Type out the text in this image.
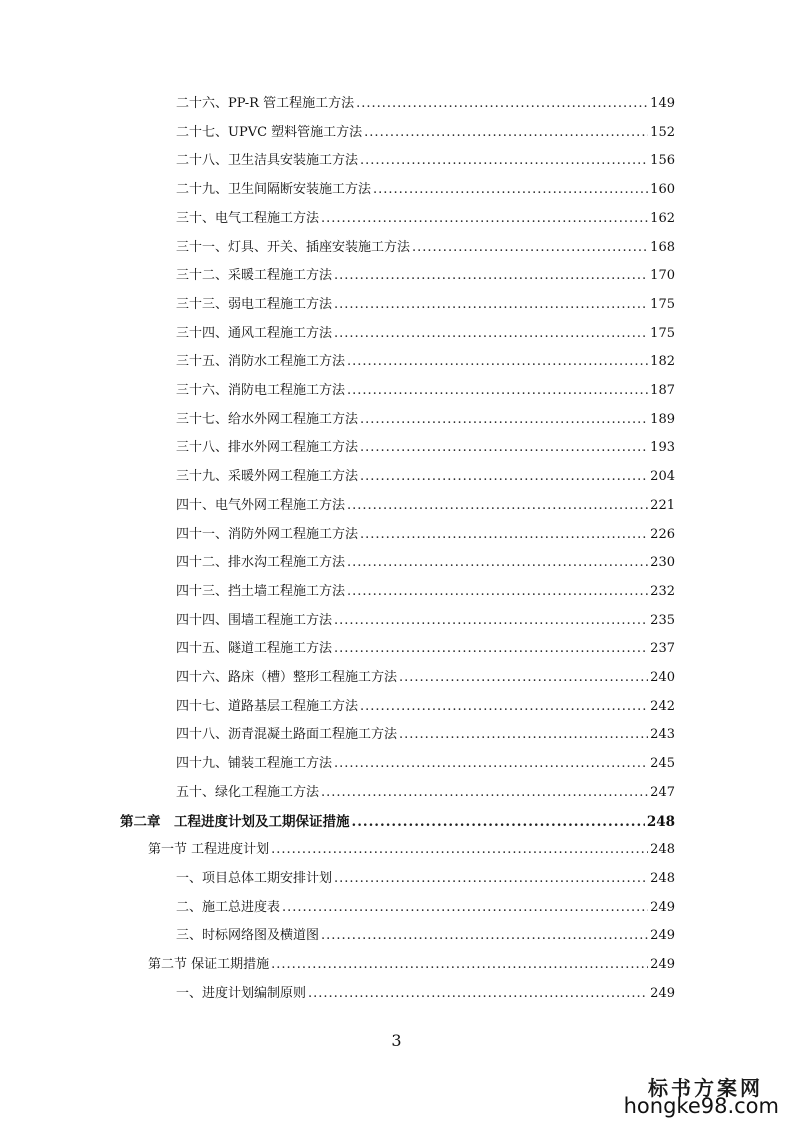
二十六、PP-R 管工程施工方法 .....	149
二十七、UPVC 塑料管施工方法 .....	152
二十八、卫生洁具安装施工方法 .....	156
二十九、卫生间隔断安装施工方法 .....	160
三十、电气工程施工方法 .....	162
三十一、灯具、开关、插座安装施工方法 .....	168
三十二、采暖工程施工方法 .....	170
三十三、弱电工程施工方法 .....	175
三十四、通风工程施工方法 .....	175
三十五、消防水工程施工方法 .....	182
三十六、消防电工程施工方法 .....	187
三十七、给水外网工程施工方法 .....	189
三十八、排水外网工程施工方法 .....	193
三十九、采暖外网工程施工方法 .....	204
四十、电气外网工程施工方法 .....	221
四十一、消防外网工程施工方法 .....	226
四十二、排水沟工程施工方法 .....	230
四十三、挡土墙工程施工方法 .....	232
四十四、围墙工程施工方法 .....	235
四十五、隧道工程施工方法 .....	237
四十六、路床（槽）整形工程施工方法 .....	240
四十七、道路基层工程施工方法 .....	242
四十八、沥青混凝土路面工程施工方法 .....	243
四十九、铺装工程施工方法 .....	245
五十、绿化工程施工方法 .....	247
第二章　工程进度计划及工期保证措施 .....	248
第一节 工程进度计划 .....	248
一、项目总体工期安排计划 .....	248
二、施工总进度表 .....	249
三、时标网络图及横道图 .....	249
第二节 保证工期措施 .....	249
一、进度计划编制原则 .....	249
3
标书方案网
hongke98.com
